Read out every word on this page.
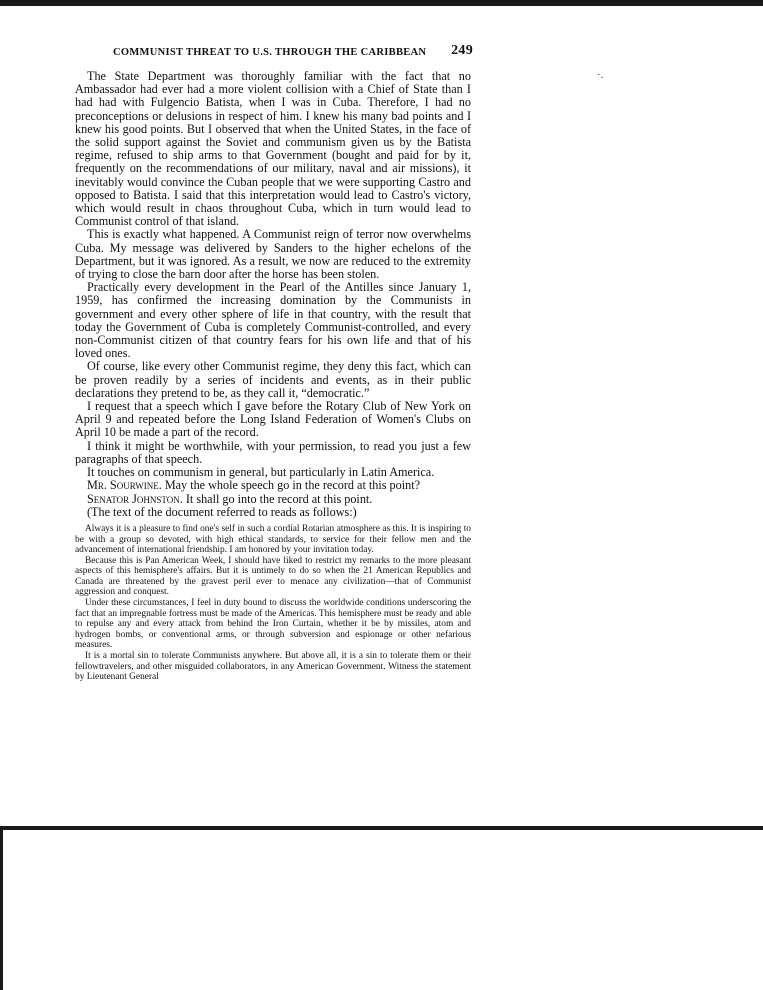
·.
COMMUNIST THREAT TO U.S. THROUGH THE CARIBBEAN 249

The State Department was thoroughly familiar with the fact that no Ambassador had ever had a more violent collision with a Chief of State than I had had with Fulgencio Batista, when I was in Cuba. Therefore, I had no preconceptions or delusions in respect of him. I knew his many bad points and I knew his good points. But I observed that when the United States, in the face of the solid support against the Soviet and communism given us by the Batista regime, refused to ship arms to that Government (bought and paid for by it, frequently on the recommendations of our military, naval and air missions), it inevitably would convince the Cuban people that we were supporting Castro and opposed to Batista. I said that this interpretation would lead to Castro's victory, which would result in chaos throughout Cuba, which in turn would lead to Communist control of that island.

This is exactly what happened. A Communist reign of terror now overwhelms Cuba. My message was delivered by Sanders to the higher echelons of the Department, but it was ignored. As a result, we now are reduced to the extremity of trying to close the barn door after the horse has been stolen.

Practically every development in the Pearl of the Antilles since January 1, 1959, has confirmed the increasing domination by the Communists in government and every other sphere of life in that country, with the result that today the Government of Cuba is completely Communist-controlled, and every non-Communist citizen of that country fears for his own life and that of his loved ones.

Of course, like every other Communist regime, they deny this fact, which can be proven readily by a series of incidents and events, as in their public declarations they pretend to be, as they call it, “democratic.”

I request that a speech which I gave before the Rotary Club of New York on April 9 and repeated before the Long Island Federation of Women's Clubs on April 10 be made a part of the record.

I think it might be worthwhile, with your permission, to read you just a few paragraphs of that speech.

It touches on communism in general, but particularly in Latin America.

Mr. Sourwine. May the whole speech go in the record at this point?

Senator Johnston. It shall go into the record at this point.

(The text of the document referred to reads as follows:)

Always it is a pleasure to find one's self in such a cordial Rotarian atmosphere as this. It is inspiring to be with a group so devoted, with high ethical standards, to service for their fellow men and the advancement of international friendship. I am honored by your invitation today.

Because this is Pan American Week, I should have liked to restrict my remarks to the more pleasant aspects of this hemisphere's affairs. But it is untimely to do so when the 21 American Republics and Canada are threatened by the gravest peril ever to menace any civilization—that of Communist aggression and conquest.

Under these circumstances, I feel in duty bound to discuss the worldwide conditions underscoring the fact that an impregnable fortress must be made of the Americas. This hemisphere must be ready and able to repulse any and every attack from behind the Iron Curtain, whether it be by missiles, atom and hydrogen bombs, or conventional arms, or through subversion and espionage or other nefarious measures.

It is a mortal sin to tolerate Communists anywhere. But above all, it is a sin to tolerate them or their fellowtravelers, and other misguided collaborators, in any American Government. Witness the statement by Lieutenant General
